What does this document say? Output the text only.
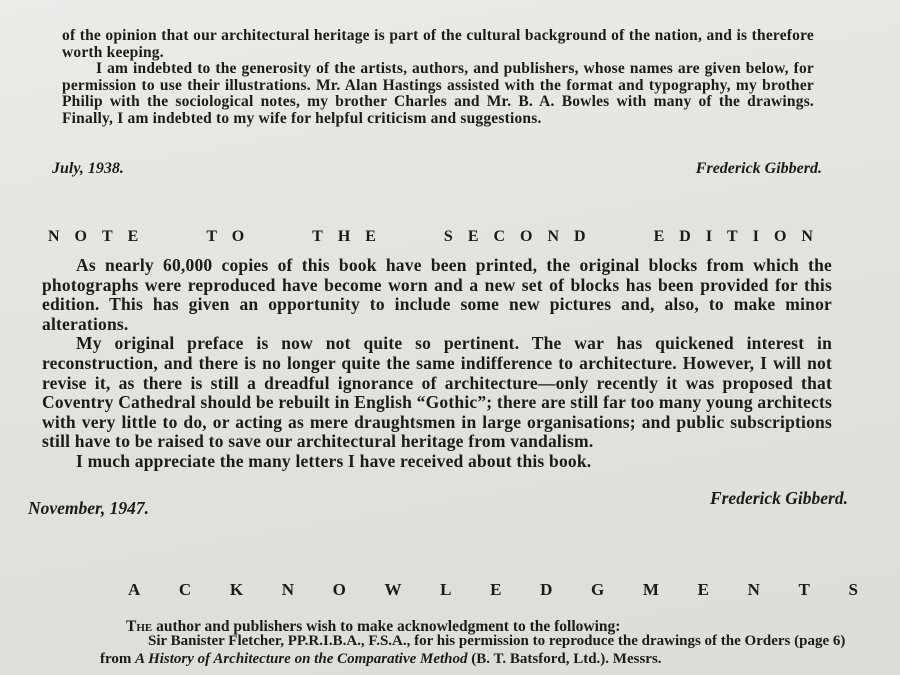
of the opinion that our architectural heritage is part of the cultural background of the nation, and is therefore worth keeping.

I am indebted to the generosity of the artists, authors, and publishers, whose names are given below, for permission to use their illustrations. Mr. Alan Hastings assisted with the format and typography, my brother Philip with the sociological notes, my brother Charles and Mr. B. A. Bowles with many of the drawings. Finally, I am indebted to my wife for helpful criticism and suggestions.

July, 1938.	Frederick Gibberd.
NOTE	TO	THE	SECOND	EDITION

As nearly 60,000 copies of this book have been printed, the original blocks from which the photographs were reproduced have become worn and a new set of blocks has been provided for this edition. This has given an opportunity to include some new pictures and, also, to make minor alterations.

My original preface is now not quite so pertinent. The war has quickened interest in reconstruction, and there is no longer quite the same indifference to architecture. However, I will not revise it, as there is still a dreadful ignorance of architecture—only recently it was proposed that Coventry Cathedral should be rebuilt in English “Gothic”; there are still far too many young architects with very little to do, or acting as mere draughtsmen in large organisations; and public subscriptions still have to be raised to save our architectural heritage from vandalism.

I much appreciate the many letters I have received about this book.

Frederick Gibberd.
November, 1947.
A C K N O W L E D G M E N T S
The author and publishers wish to make acknowledgment to the following:
Sir Banister Fletcher, PP.R.I.B.A., F.S.A., for his permission to reproduce the drawings of the Orders (page 6) from A History of Architecture on the Comparative Method (B. T. Batsford, Ltd.). Messrs.
